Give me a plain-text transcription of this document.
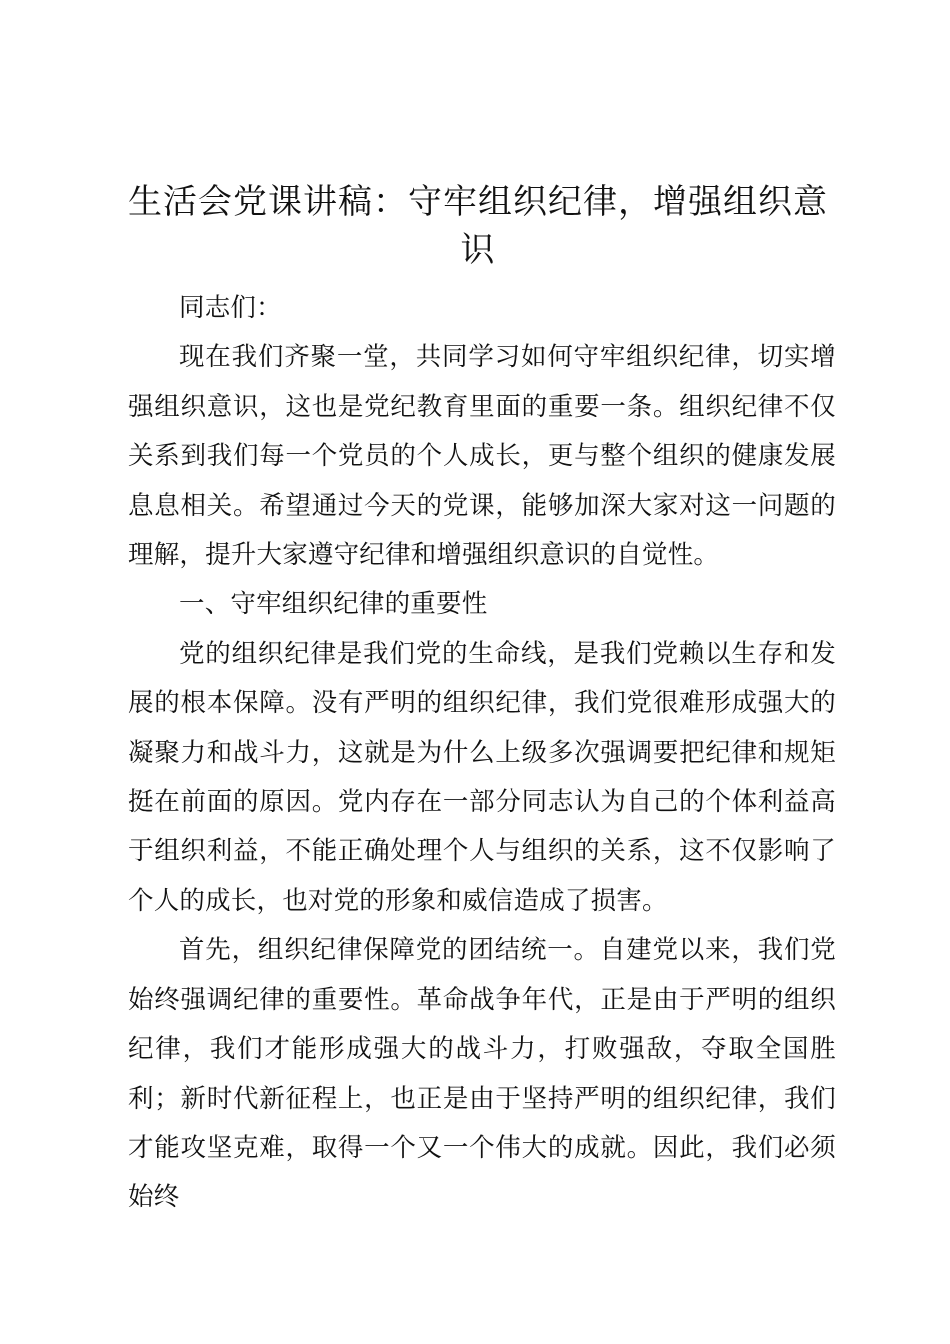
生活会党课讲稿：守牢组织纪律，增强组织意识

同志们：

现在我们齐聚一堂，共同学习如何守牢组织纪律，切实增强组织意识，这也是党纪教育里面的重要一条。组织纪律不仅关系到我们每一个党员的个人成长，更与整个组织的健康发展息息相关。希望通过今天的党课，能够加深大家对这一问题的理解，提升大家遵守纪律和增强组织意识的自觉性。

一、守牢组织纪律的重要性

党的组织纪律是我们党的生命线，是我们党赖以生存和发展的根本保障。没有严明的组织纪律，我们党很难形成强大的凝聚力和战斗力，这就是为什么上级多次强调要把纪律和规矩挺在前面的原因。党内存在一部分同志认为自己的个体利益高于组织利益，不能正确处理个人与组织的关系，这不仅影响了个人的成长，也对党的形象和威信造成了损害。

首先，组织纪律保障党的团结统一。自建党以来，我们党始终强调纪律的重要性。革命战争年代，正是由于严明的组织纪律，我们才能形成强大的战斗力，打败强敌，夺取全国胜利；新时代新征程上，也正是由于坚持严明的组织纪律，我们才能攻坚克难，取得一个又一个伟大的成就。因此，我们必须始终
